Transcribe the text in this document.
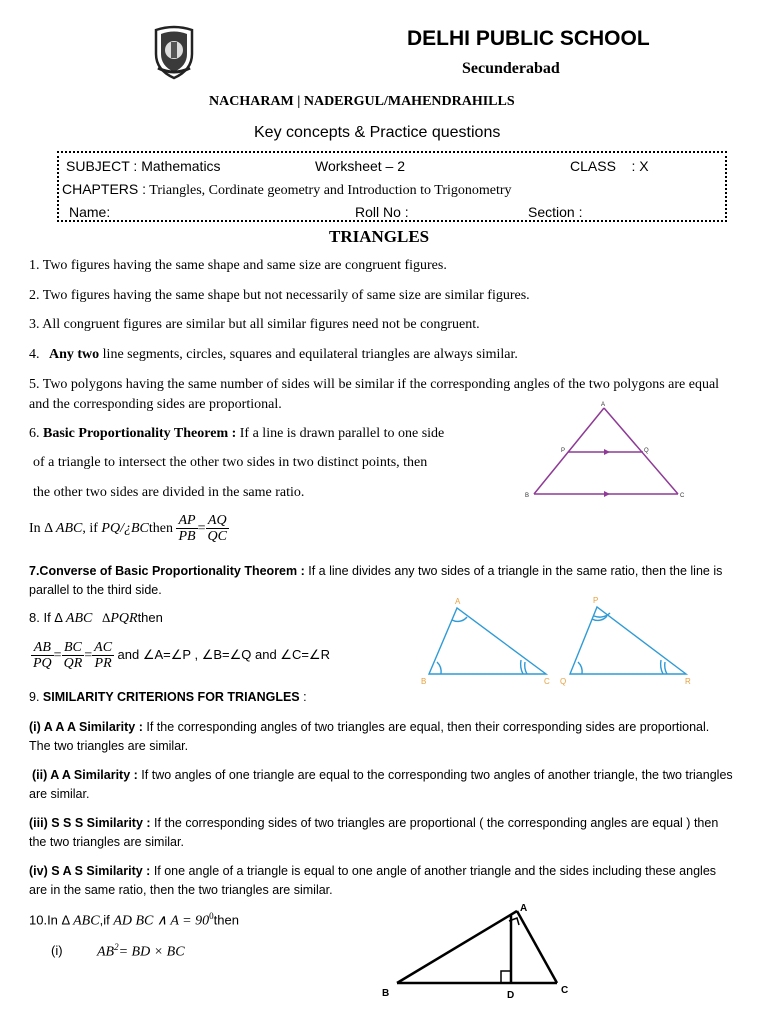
DELHI PUBLIC SCHOOL
Secunderabad
NACHARAM | NADERGUL/MAHENDRAHILLS
Key concepts & Practice questions
SUBJECT : Mathematics	Worksheet – 2	CLASS    : X
CHAPTERS : Triangles, Cordinate geometry and Introduction to Trigonometry
Name:	Roll No :	Section :
TRIANGLES
1. Two figures having the same shape and same size are congruent figures.
2. Two figures having the same shape but not necessarily of same size are similar figures.
3. All congruent figures are similar but all similar figures need not be congruent.
4. Any two line segments, circles, squares and equilateral triangles are always similar.
5. Two polygons having the same number of sides will be similar if the corresponding angles of the two polygons are equal and the corresponding sides are proportional.
6. Basic Proportionality Theorem : If a line is drawn parallel to one side
of a triangle to intersect the other two sides in two distinct points, then
the other two sides are divided in the same ratio.
In Δ ABC, if PQ/¿BCthen $\frac{AP}{PB} = \frac{AQ}{QC}$
A
P	Q
B	C
7.Converse of Basic Proportionality Theorem : If a line divides any two sides of a triangle in the same ratio, then the line is parallel to the third side.
8. If Δ ABC ΔPQRthen
$\frac{AB}{PQ} = \frac{BC}{QR} = \frac{AC}{PR}$ and ∠A=∠P , ∠B=∠Q and ∠C=∠R
A
B	C
P
Q	R
9. SIMILARITY CRITERIONS FOR TRIANGLES :
(i) A A A Similarity : If the corresponding angles of two triangles are equal, then their corresponding sides are proportional. The two triangles are similar.
(ii) A A Similarity : If two angles of one triangle are equal to the corresponding two angles of another triangle, the two triangles are similar.
(iii) S S S Similarity : If the corresponding sides of two triangles are proportional ( the corresponding angles are equal ) then the two triangles are similar.
(iv) S A S Similarity : If one angle of a triangle is equal to one angle of another triangle and the sides including these angles are in the same ratio, then the two triangles are similar.
10.In Δ ABC,if AD BC ∧ $A = 90^0then$
(i) $AB^2=$ BD × BC
A
B	C
D
